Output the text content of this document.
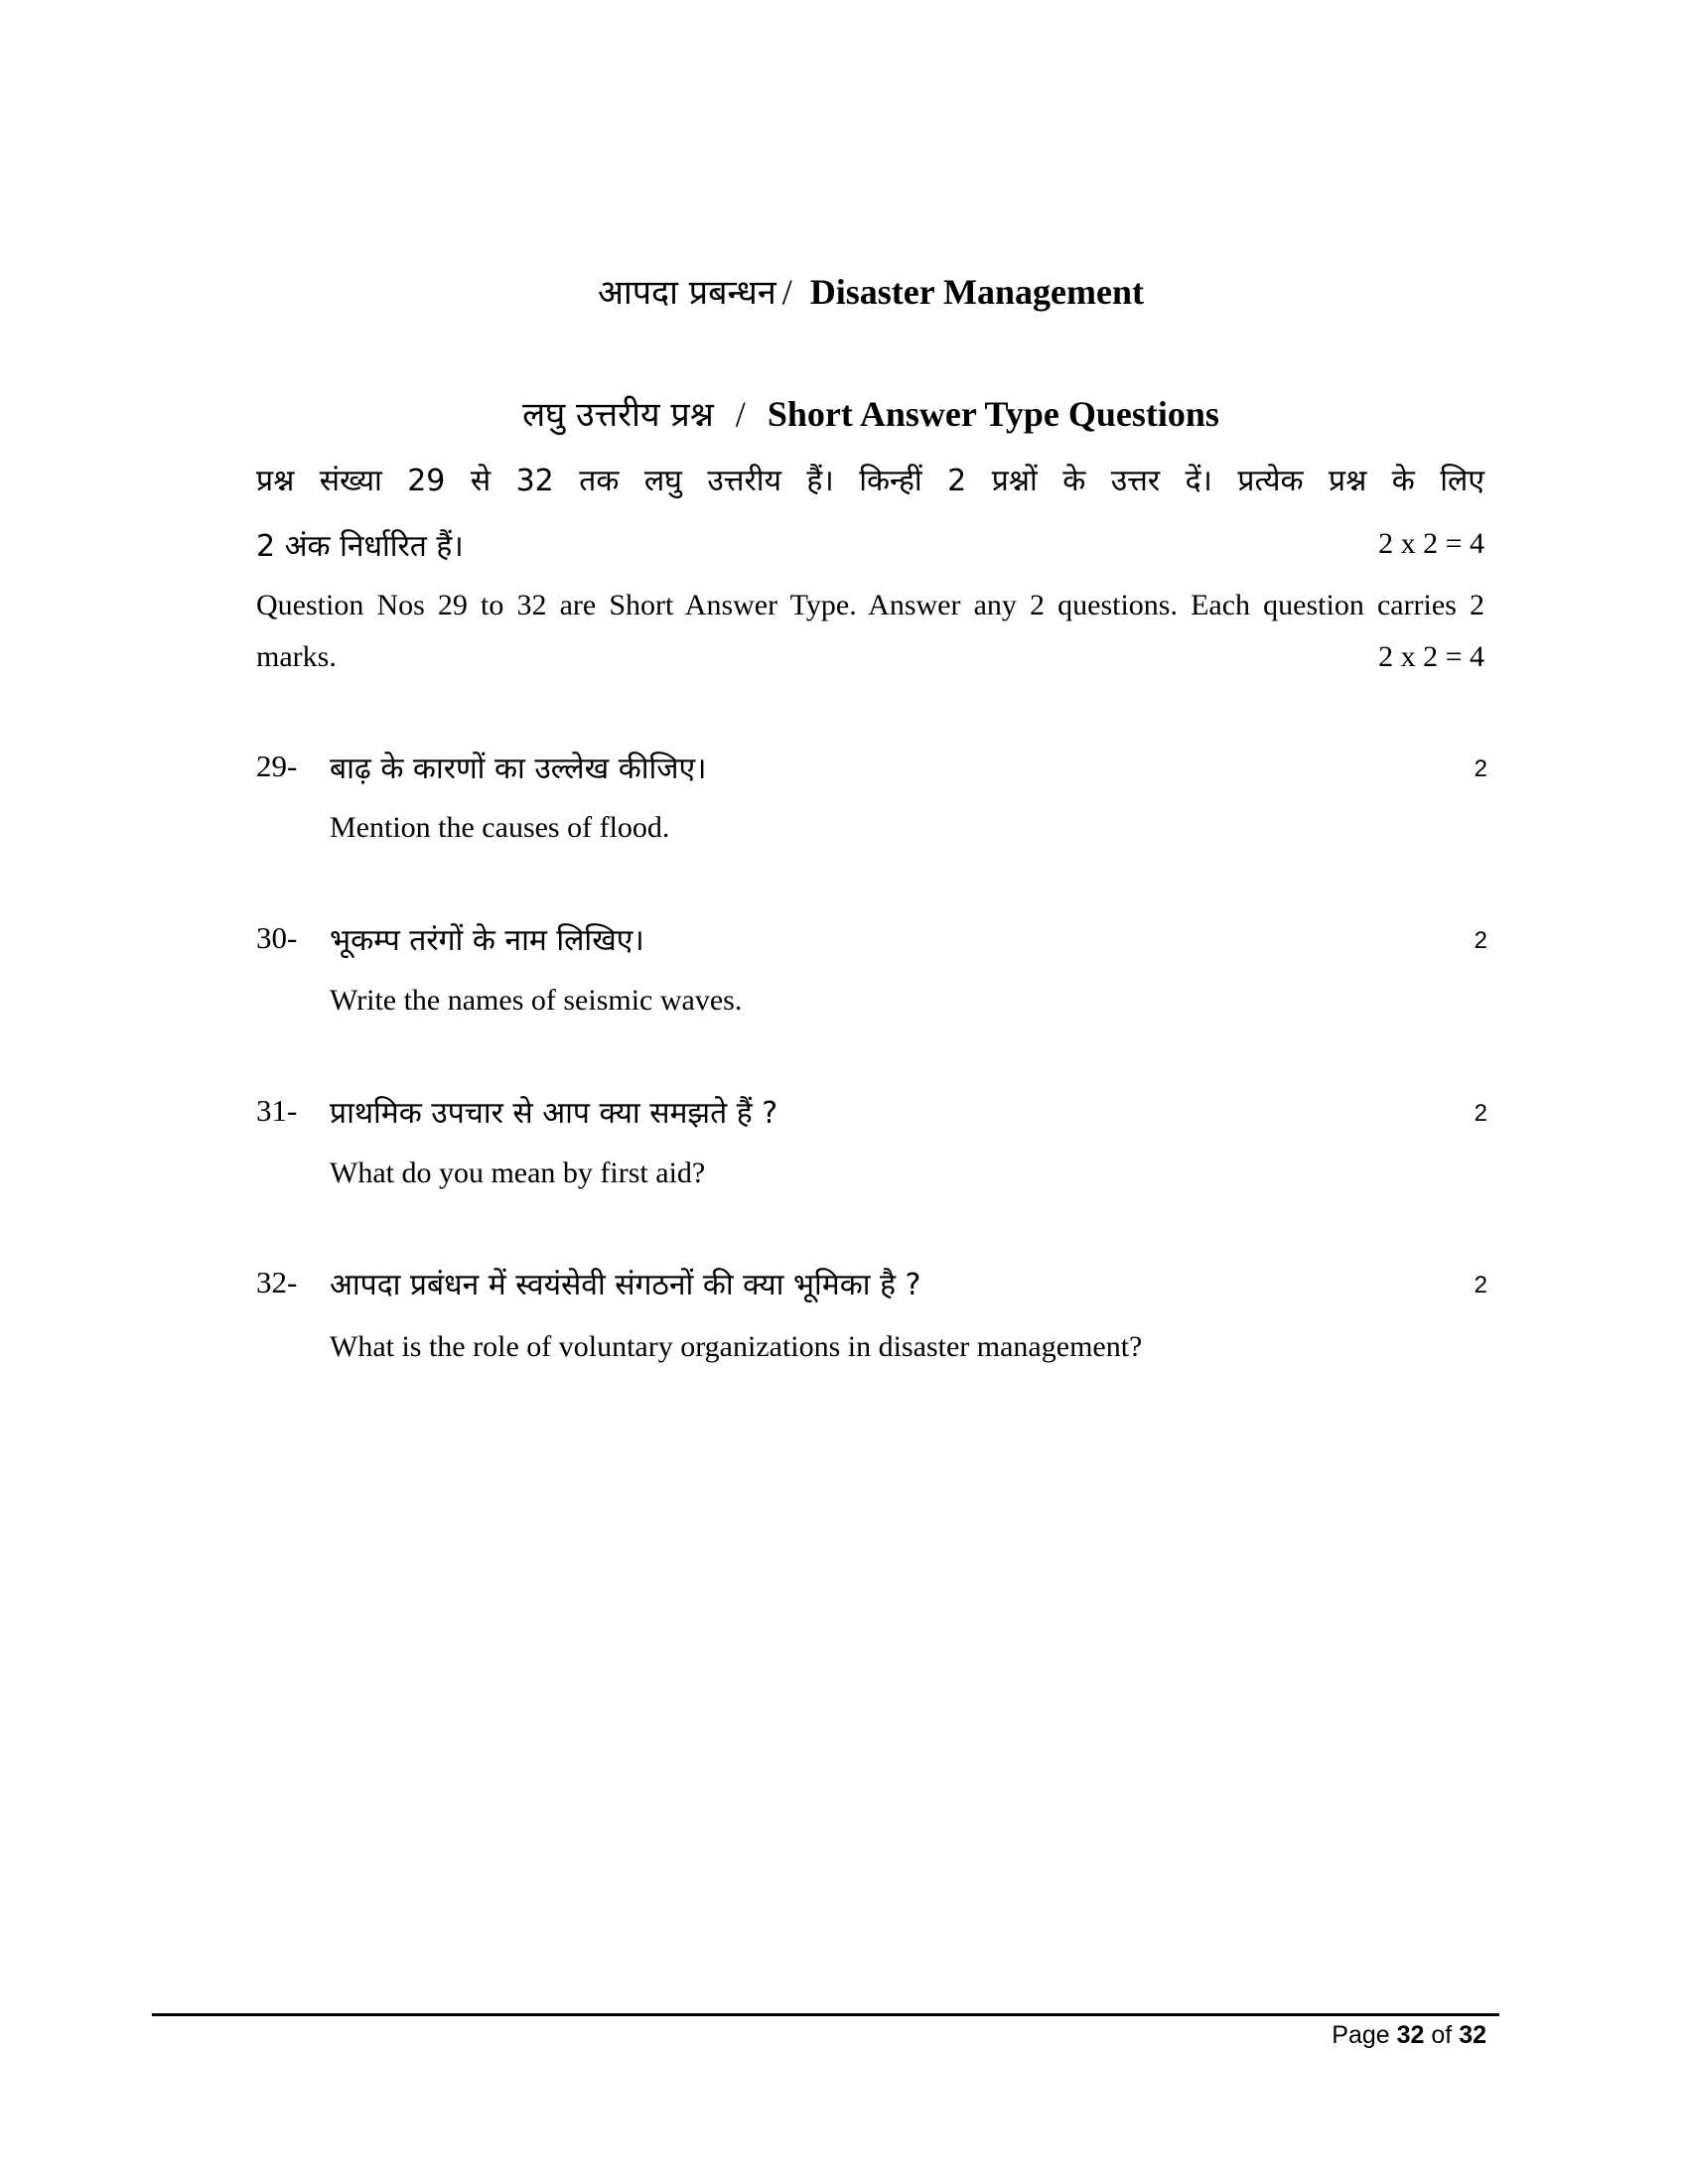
आपदा प्रबन्धन / Disaster Management
लघु उत्तरीय प्रश्न / Short Answer Type Questions
प्रश्न संख्या 29 से 32 तक लघु उत्तरीय हैं। किन्हीं 2 प्रश्नों के उत्तर दें। प्रत्येक प्रश्न के लिए
2 अंक निर्धारित हैं।	2 x 2 = 4
Question Nos 29 to 32 are Short Answer Type. Answer any 2 questions. Each question carries 2
marks.	2 x 2 = 4
29- बाढ़ के कारणों का उल्लेख कीजिए।	2
Mention the causes of flood.
30- भूकम्प तरंगों के नाम लिखिए।	2
Write the names of seismic waves.
31- प्राथमिक उपचार से आप क्या समझते हैं ?	2
What do you mean by first aid?
32- आपदा प्रबंधन में स्वयंसेवी संगठनों की क्या भूमिका है ?	2
What is the role of voluntary organizations in disaster management?
Page 32 of 32
